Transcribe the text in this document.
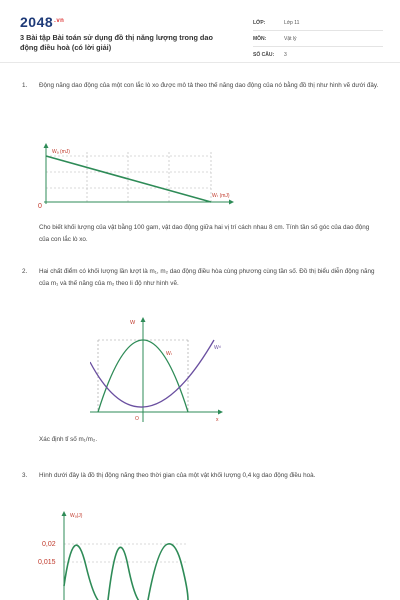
$2048_{.vn}$
3 Bài tập Bài toán sử dụng đồ thị năng lượng trong dao động điều hoà (có lời giải)
LỚP:	Lớp 11
MÔN:	Vật lý
SỐ CÂU:	3
1. Động năng dao động của một con lắc lò xo được mô tả theo thế năng dao động của nó bằng đồ thị như hình vẽ dưới đây.
Wₐ (mJ)
Wₜ (mJ)
0
Cho biết khối lượng của vật bằng 100 gam, vật dao động giữa hai vị trí cách nhau 8 cm. Tính tần số góc của dao động của con lắc lò xo.
2. Hai chất điểm có khối lượng lần lượt là m₁, m₂ dao động điều hòa cùng phương cùng tần số. Đồ thị biểu diễn động năng của m₁ và thế năng của m₂ theo li độ như hình vẽ.
W
Wₜ
Wᵈ
O	x
Xác định tỉ số m₁/m₂.
3. Hình dưới đây là đồ thị động năng theo thời gian của một vật khối lượng 0,4 kg dao động điều hoà.
Wₐ(J)
0,02
0,015
